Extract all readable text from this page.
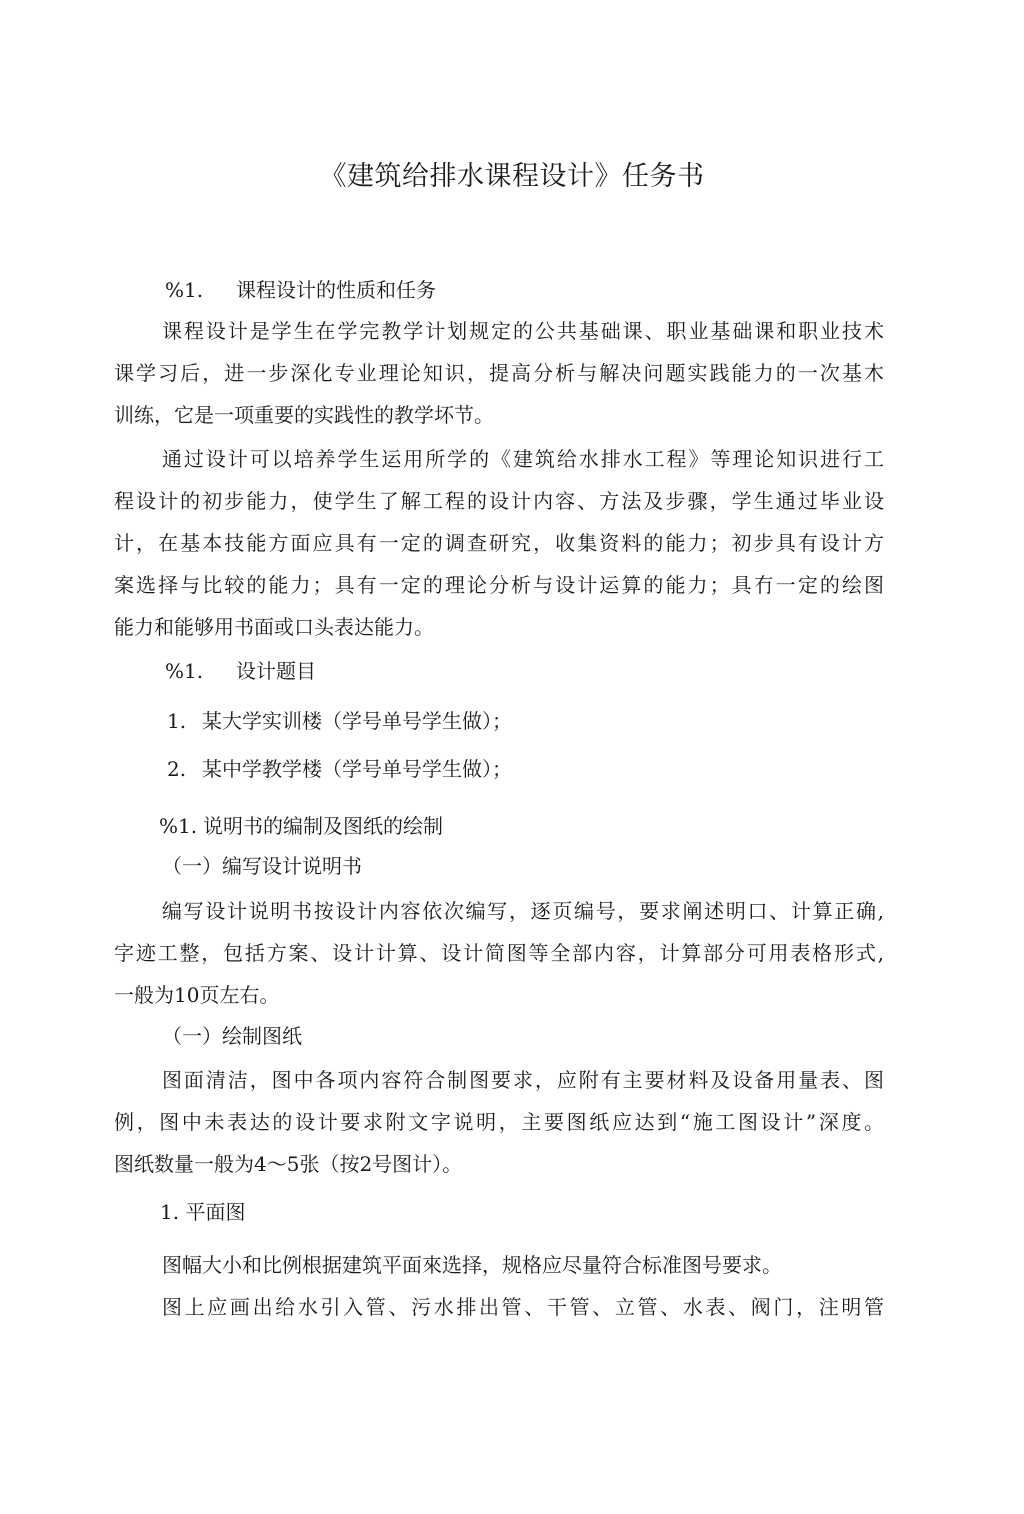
《建筑给排水课程设计》任务书
%1. 课程设计的性质和任务
课程设计是学生在学完教学计划规定的公共基础课、职业基础课和职业技术
课学习后，进一步深化专业理论知识，提高分析与解决问题实践能力的一次基木
训练，它是一项重要的实践性的教学坏节。
通过设计可以培养学生运用所学的《建筑给水排水工程》等理论知识进行工
程设计的初步能力，使学生了解工程的设计内容、方法及步骤，学生通过毕业设
计，在基本技能方面应具有一定的调查研究，收集资料的能力；初步具有设计方
案选择与比较的能力；具有一定的理论分析与设计运算的能力；具冇一定的绘图
能力和能够用书面或口头表达能力。
%1. 设计题目
1. 某大学实训楼（学号单号学生做）；
2. 某中学教学楼（学号单号学生做）；
%1. 说明书的编制及图纸的绘制
（一）编写设计说明书
编写设计说明书按设计内容依次编写，逐页编号，要求阐述明口、计算正确,
字迹工整，包括方案、设计计算、设计简图等全部内容，计算部分可用表格形式,
一般为10页左右。
（一）绘制图纸
图面清洁，图中各项内容符合制图要求，应附有主要材料及设备用量表、图
例，图中未表达的设计要求附文字说明，主要图纸应达到“施工图设计”深度。
图纸数量一般为4〜5张（按2号图计）。
1. 平面图
图幅大小和比例根据建筑平面來选择，规格应尽量符合标准图号要求。
图上应画出给水引入管、污水排出管、干管、立管、水表、阀门，注明管
